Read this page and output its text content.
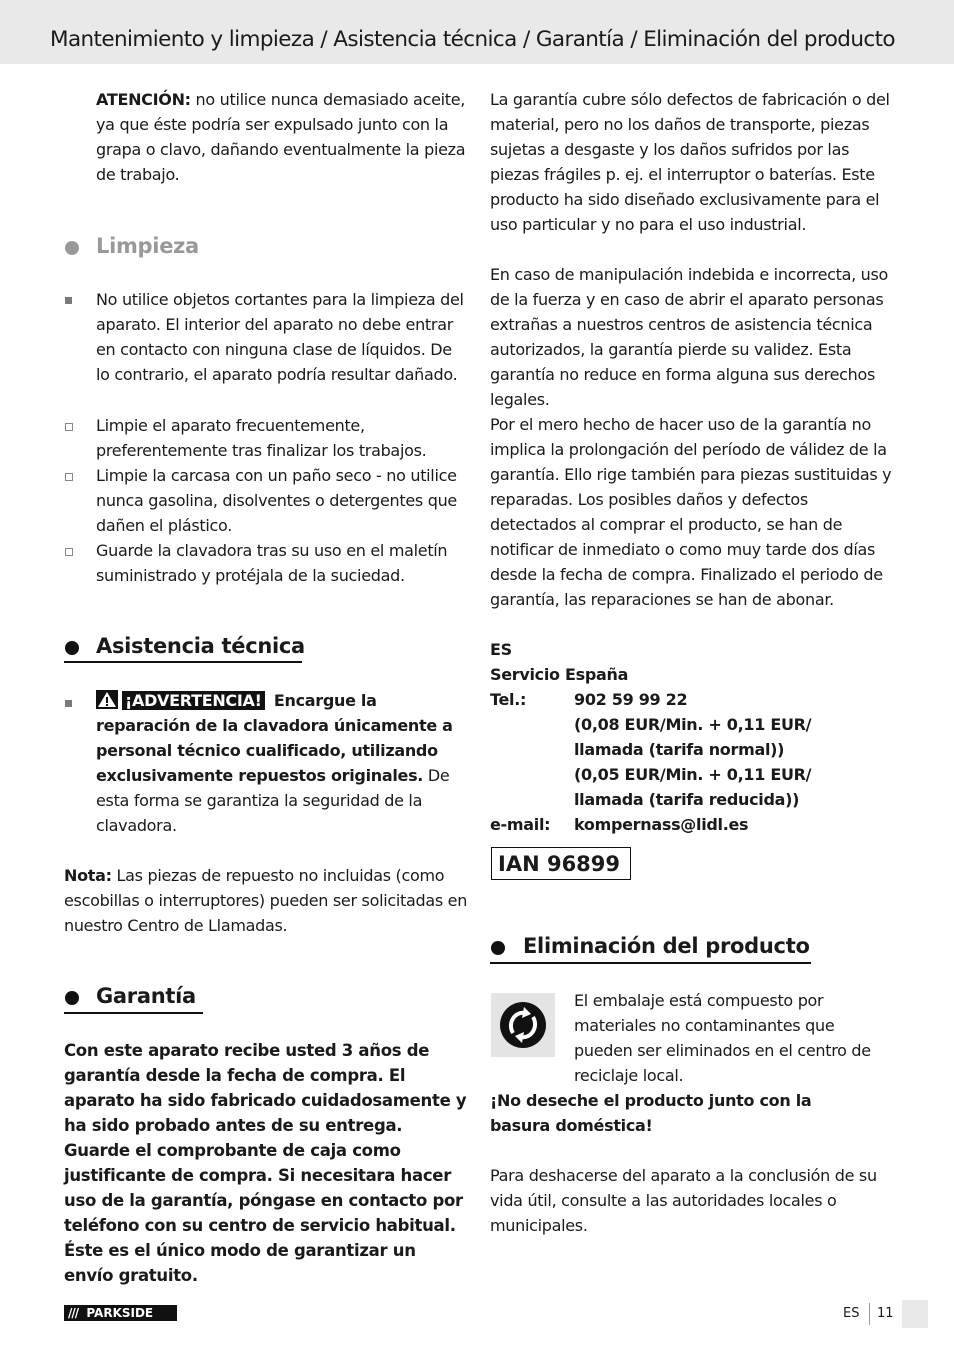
Mantenimiento y limpieza / Asistencia técnica / Garantía / Eliminación del producto

ATENCIÓN: no utilice nunca demasiado aceite, ya que éste podría ser expulsado junto con la grapa o clavo, dañando eventualmente la pieza de trabajo.

Limpieza
No utilice objetos cortantes para la limpieza del aparato. El interior del aparato no debe entrar en contacto con ninguna clase de líquidos. De lo contrario, el aparato podría resultar dañado.
Limpie el aparato frecuentemente, preferentemente tras finalizar los trabajos.
Limpie la carcasa con un paño seco - no utilice nunca gasolina, disolventes o detergentes que dañen el plástico.
Guarde la clavadora tras su uso en el maletín suministrado y protéjala de la suciedad.
Asistencia técnica

¡ADVERTENCIA! Encargue la reparación de la clavadora únicamente a personal técnico cualificado, utilizando exclusivamente repuestos originales. De esta forma se garantiza la seguridad de la clavadora.

Nota: Las piezas de repuesto no incluidas (como escobillas o interruptores) pueden ser solicitadas en nuestro Centro de Llamadas.

Garantía
Con este aparato recibe usted 3 años de garantía desde la fecha de compra. El aparato ha sido fabricado cuidadosamente y ha sido probado antes de su entrega. Guarde el comprobante de caja como justificante de compra. Si necesitara hacer uso de la garantía, póngase en contacto por teléfono con su centro de servicio habitual. Éste es el único modo de garantizar un envío gratuito.
La garantía cubre sólo defectos de fabricación o del material, pero no los daños de transporte, piezas sujetas a desgaste y los daños sufridos por las piezas frágiles p. ej. el interruptor o baterías. Este producto ha sido diseñado exclusivamente para el uso particular y no para el uso industrial.
En caso de manipulación indebida e incorrecta, uso de la fuerza y en caso de abrir el aparato personas extrañas a nuestros centros de asistencia técnica autorizados, la garantía pierde su validez. Esta garantía no reduce en forma alguna sus derechos legales.
Por el mero hecho de hacer uso de la garantía no implica la prolongación del período de válidez de la garantía. Ello rige también para piezas sustituidas y reparadas. Los posibles daños y defectos detectados al comprar el producto, se han de notificar de inmediato o como muy tarde dos días desde la fecha de compra. Finalizado el periodo de garantía, las reparaciones se han de abonar.
ES
Servicio España
Tel.:	902 59 99 22
(0,08 EUR/Min. + 0,11 EUR/
llamada (tarifa normal))
(0,05 EUR/Min. + 0,11 EUR/
llamada (tarifa reducida))
e-mail: kompernass@lidl.es
IAN 96899
Eliminación del producto
El embalaje está compuesto por materiales no contaminantes que pueden ser eliminados en el centro de reciclaje local.
¡No deseche el producto junto con la basura doméstica!
Para deshacerse del aparato a la conclusión de su vida útil, consulte a las autoridades locales o municipales.
/// PARKSIDE	ES 11
